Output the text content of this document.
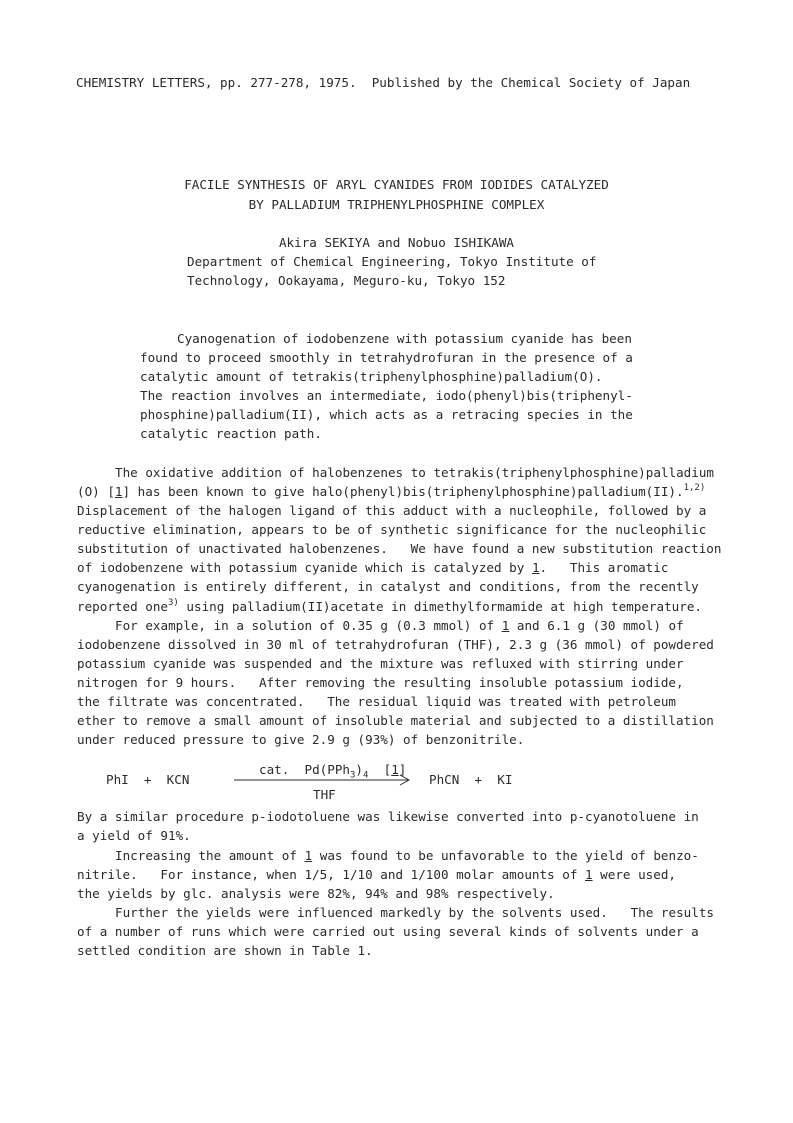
CHEMISTRY LETTERS, pp. 277-278, 1975.  Published by the Chemical Society of Japan
FACILE SYNTHESIS OF ARYL CYANIDES FROM IODIDES CATALYZED
BY PALLADIUM TRIPHENYLPHOSPHINE COMPLEX
Akira SEKIYA and Nobuo ISHIKAWA
Department of Chemical Engineering, Tokyo Institute of
Technology, Ookayama, Meguro-ku, Tokyo 152
Cyanogenation of iodobenzene with potassium cyanide has been
found to proceed smoothly in tetrahydrofuran in the presence of a
catalytic amount of tetrakis(triphenylphosphine)palladium(O).
The reaction involves an intermediate, iodo(phenyl)bis(triphenyl-
phosphine)palladium(II), which acts as a retracing species in the
catalytic reaction path.
The oxidative addition of halobenzenes to tetrakis(triphenylphosphine)palladium
(O) [1] has been known to give halo(phenyl)bis(triphenylphosphine)palladium(II).$^{1,2)}$
Displacement of the halogen ligand of this adduct with a nucleophile, followed by a
reductive elimination, appears to be of synthetic significance for the nucleophilic
substitution of unactivated halobenzenes.   We have found a new substitution reaction
of iodobenzene with potassium cyanide which is catalyzed by 1.   This aromatic
cyanogenation is entirely different, in catalyst and conditions, from the recently
reported one$^{3)}$ using palladium(II)acetate in dimethylformamide at high temperature.
For example, in a solution of 0.35 g (0.3 mmol) of 1 and 6.1 g (30 mmol) of
iodobenzene dissolved in 30 ml of tetrahydrofuran (THF), 2.3 g (36 mmol) of powdered
potassium cyanide was suspended and the mixture was refluxed with stirring under
nitrogen for 9 hours.   After removing the resulting insoluble potassium iodide,
the filtrate was concentrated.   The residual liquid was treated with petroleum
ether to remove a small amount of insoluble material and subjected to a distillation
under reduced pressure to give 2.9 g (93%) of benzonitrile.
cat.  $Pd(PPh_3)_4$  [1]
PhI  +  KCN	PhCN  +  KI
THF
By a similar procedure p-iodotoluene was likewise converted into p-cyanotoluene in
a yield of 91%.
Increasing the amount of 1 was found to be unfavorable to the yield of benzo-
nitrile.   For instance, when 1/5, 1/10 and 1/100 molar amounts of 1 were used,
the yields by glc. analysis were 82%, 94% and 98% respectively.
Further the yields were influenced markedly by the solvents used.   The results
of a number of runs which were carried out using several kinds of solvents under a
settled condition are shown in Table 1.
